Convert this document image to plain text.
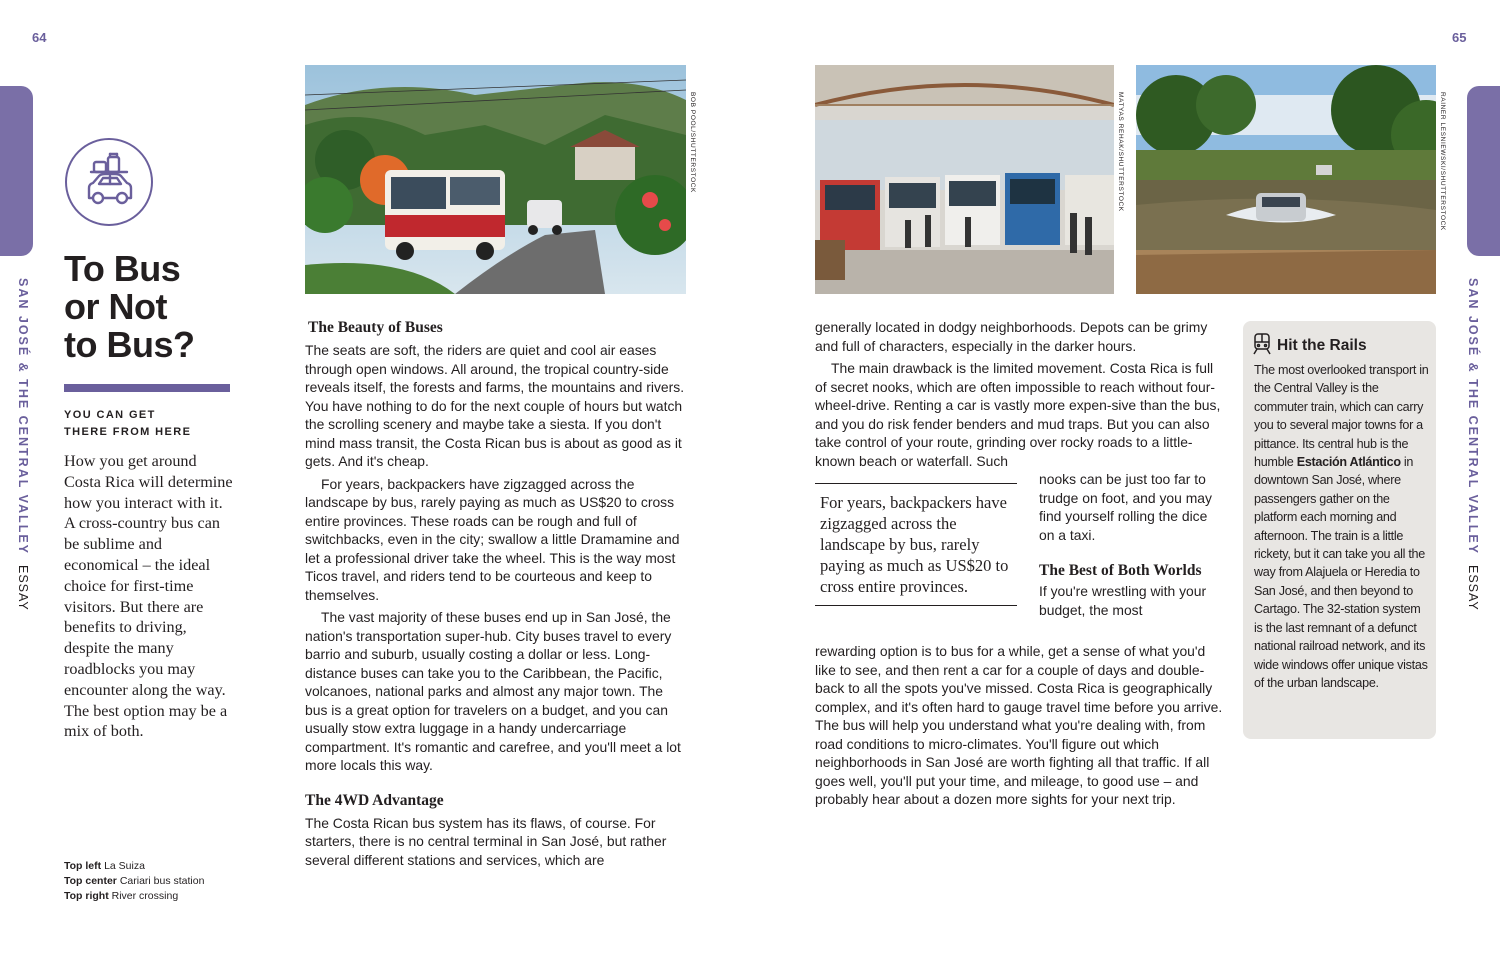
64	65
SAN JOSÉ & THE CENTRAL VALLEYESSAY
SAN JOSÉ & THE CENTRAL VALLEYESSAY
To Bus
or Not
to Bus?
YOU CAN GET
THERE FROM HERE
How you get around Costa Rica will determine how you interact with it. A cross-country bus can be sublime and economical – the ideal choice for first-time visitors. But there are benefits to driving, despite the many roadblocks you may encounter along the way. The best option may be a mix of both.
Top left La Suiza
Top center Cariari bus station
Top right River crossing
BOB POOL/SHUTTERSTOCK	MATYAS REHAK/SHUTTERSTOCK	RAINER LESNIEWSKI/SHUTTERSTOCK
The Beauty of Buses

The seats are soft, the riders are quiet and cool air eases through open windows. All around, the tropical country-side reveals itself, the forests and farms, the mountains and rivers. You have nothing to do for the next couple of hours but watch the scrolling scenery and maybe take a siesta. If you don't mind mass transit, the Costa Rican bus is about as good as it gets. And it's cheap.

For years, backpackers have zigzagged across the landscape by bus, rarely paying as much as US$20 to cross entire provinces. These roads can be rough and full of switchbacks, even in the city; swallow a little Dramamine and let a professional driver take the wheel. This is the way most Ticos travel, and riders tend to be courteous and keep to themselves.

The vast majority of these buses end up in San José, the nation's transportation super-hub. City buses travel to every barrio and suburb, usually costing a dollar or less. Long-distance buses can take you to the Caribbean, the Pacific, volcanoes, national parks and almost any major town. The bus is a great option for travelers on a budget, and you can usually stow extra luggage in a handy undercarriage compartment. It's romantic and carefree, and you'll meet a lot more locals this way.

The 4WD Advantage

The Costa Rican bus system has its flaws, of course. For starters, there is no central terminal in San José, but rather several different stations and services, which are

generally located in dodgy neighborhoods. Depots can be grimy and full of characters, especially in the darker hours.

The main drawback is the limited movement. Costa Rica is full of secret nooks, which are often impossible to reach without four-wheel-drive. Renting a car is vastly more expen-sive than the bus, and you do risk fender benders and mud traps. But you can also take control of your route, grinding over rocky roads to a little-known beach or waterfall. Such

For years, backpackers have zigzagged across the landscape by bus, rarely paying as much as US$20 to cross entire provinces.

nooks can be just too far to trudge on foot, and you may find yourself rolling the dice on a taxi.

The Best of Both Worlds

If you're wrestling with your budget, the most

rewarding option is to bus for a while, get a sense of what you'd like to see, and then rent a car for a couple of days and double-back to all the spots you've missed. Costa Rica is geographically complex, and it's often hard to gauge travel time before you arrive. The bus will help you understand what you're dealing with, from road conditions to micro-climates. You'll figure out which neighborhoods in San José are worth fighting all that traffic. If all goes well, you'll put your time, and mileage, to good use – and probably hear about a dozen more sights for your next trip.

Hit the Rails
The most overlooked transport in the Central Valley is the commuter train, which can carry you to several major towns for a pittance. Its central hub is the humble Estación Atlántico in downtown San José, where passengers gather on the platform each morning and afternoon. The train is a little rickety, but it can take you all the way from Alajuela or Heredia to San José, and then beyond to Cartago. The 32-station system is the last remnant of a defunct national railroad network, and its wide windows offer unique vistas of the urban landscape.
